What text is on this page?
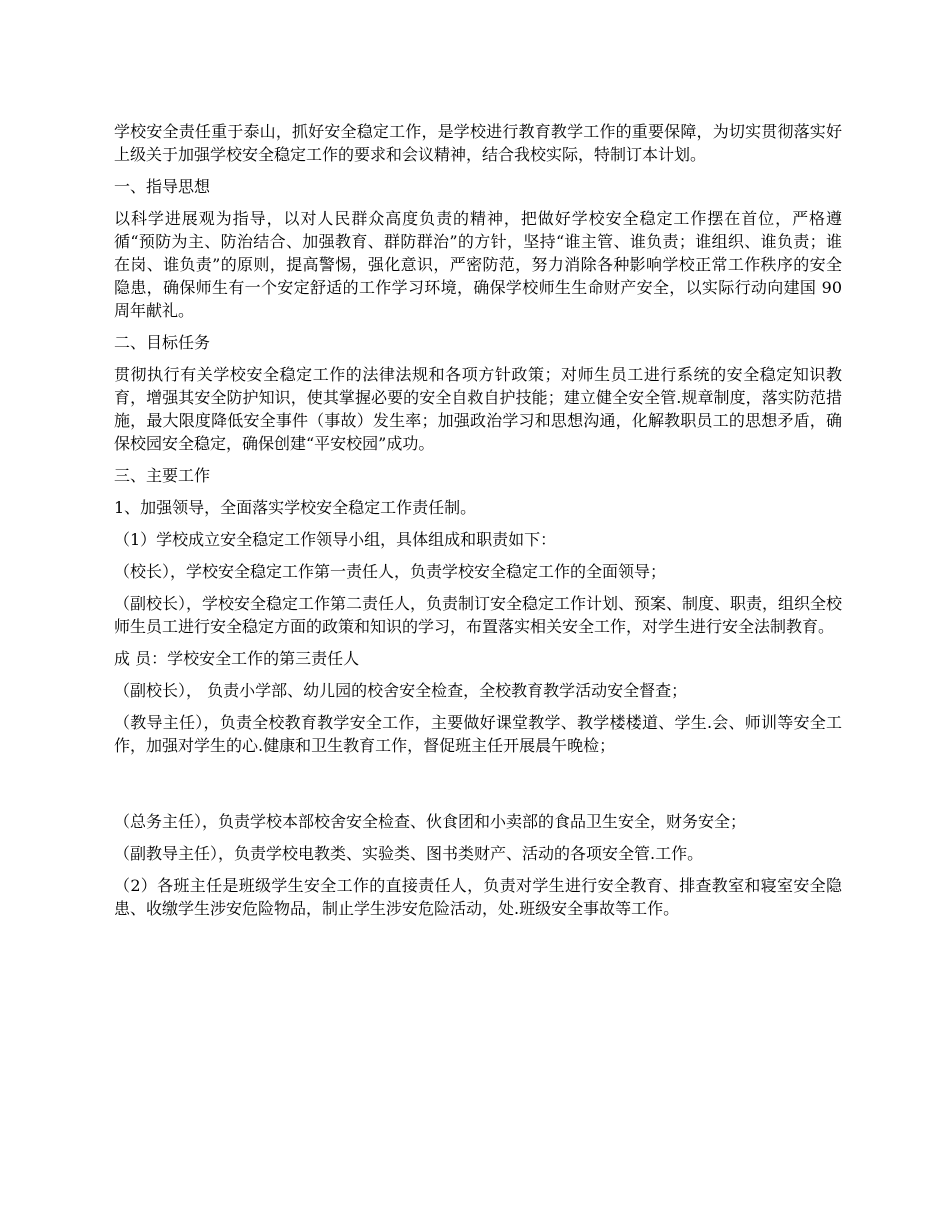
学校安全责任重于泰山，抓好安全稳定工作，是学校进行教育教学工作的重要保障，为切实贯彻落实好上级关于加强学校安全稳定工作的要求和会议精神，结合我校实际，特制订本计划。

一、指导思想

以科学进展观为指导，以对人民群众高度负责的精神，把做好学校安全稳定工作摆在首位，严格遵循“预防为主、防治结合、加强教育、群防群治”的方针，坚持“谁主管、谁负责；谁组织、谁负责；谁在岗、谁负责”的原则，提高警惕，强化意识，严密防范，努力消除各种影响学校正常工作秩序的安全隐患，确保师生有一个安定舒适的工作学习环境，确保学校师生生命财产安全，以实际行动向建国 90 周年献礼。

二、目标任务

贯彻执行有关学校安全稳定工作的法律法规和各项方针政策；对师生员工进行系统的安全稳定知识教育，增强其安全防护知识，使其掌握必要的安全自救自护技能；建立健全安全管.规章制度，落实防范措施，最大限度降低安全事件（事故）发生率；加强政治学习和思想沟通，化解教职员工的思想矛盾，确保校园安全稳定，确保创建“平安校园”成功。

三、主要工作

1、加强领导，全面落实学校安全稳定工作责任制。

（1）学校成立安全稳定工作领导小组，具体组成和职责如下：

（校长），学校安全稳定工作第一责任人，负责学校安全稳定工作的全面领导；

（副校长），学校安全稳定工作第二责任人，负责制订安全稳定工作计划、预案、制度、职责，组织全校师生员工进行安全稳定方面的政策和知识的学习，布置落实相关安全工作，对学生进行安全法制教育。

成 员：学校安全工作的第三责任人

（副校长）， 负责小学部、幼儿园的校舍安全检查，全校教育教学活动安全督查；

（教导主任），负责全校教育教学安全工作，主要做好课堂教学、教学楼楼道、学生.会、师训等安全工作，加强对学生的心.健康和卫生教育工作，督促班主任开展晨午晚检；

（总务主任），负责学校本部校舍安全检查、伙食团和小卖部的食品卫生安全，财务安全；

（副教导主任），负责学校电教类、实验类、图书类财产、活动的各项安全管.工作。

（2）各班主任是班级学生安全工作的直接责任人，负责对学生进行安全教育、排查教室和寝室安全隐患、收缴学生涉安危险物品，制止学生涉安危险活动，处.班级安全事故等工作。
